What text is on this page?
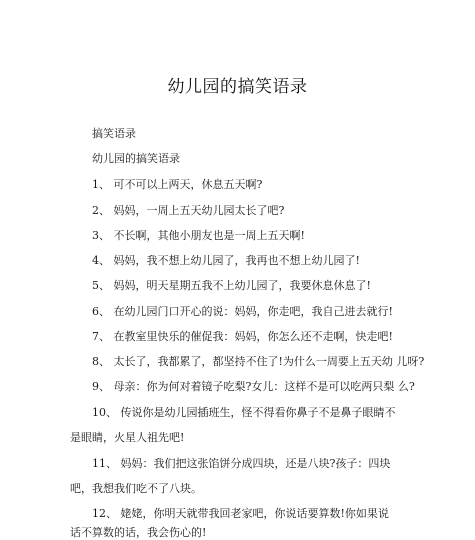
幼儿园的搞笑语录
搞笑语录
幼儿园的搞笑语录
1、 可不可以上两天，休息五天啊?
2、 妈妈，一周上五天幼儿园太长了吧?
3、 不长啊，其他小朋友也是一周上五天啊!
4、 妈妈，我不想上幼儿园了，我再也不想上幼儿园了!
5、 妈妈，明天星期五我不上幼儿园了，我要休息休息了!
6、 在幼儿园门口开心的说：妈妈，你走吧，我自己进去就行!
7、 在教室里快乐的催促我：妈妈，你怎么还不走啊，快走吧!
8、 太长了，我都累了，都坚持不住了!为什么一周要上五天幼 儿呀?
9、 母亲：你为何对着镜子吃梨?女儿：这样不是可以吃两只梨 么?
10、 传说你是幼儿园插班生，怪不得看你鼻子不是鼻子眼睛不
是眼睛，火星人祖先吧!
11、 妈妈：我们把这张馅饼分成四块，还是八块?孩子：四块
吧，我想我们吃不了八块。
12、 姥姥，你明天就带我回老家吧，你说话要算数!你如果说
话不算数的话，我会伤心的!
